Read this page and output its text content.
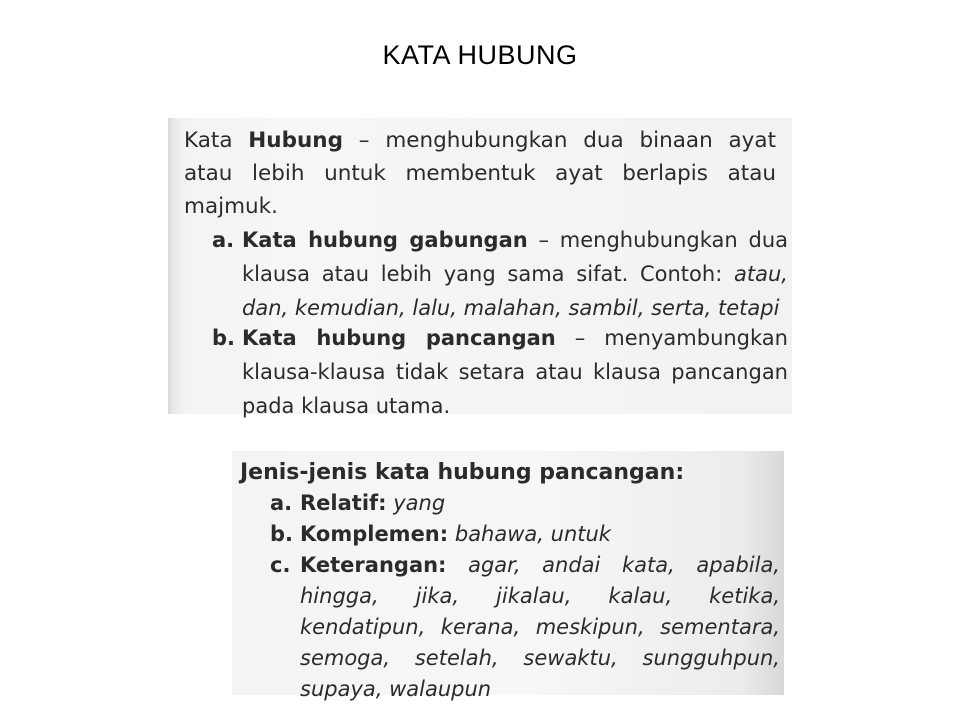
KATA HUBUNG
Kata Hubung – menghubungkan dua binaan ayat atau lebih untuk membentuk ayat berlapis atau majmuk.
a. Kata hubung gabungan – menghubungkan dua klausa atau lebih yang sama sifat. Contoh: atau, dan, kemudian, lalu, malahan, sambil, serta, tetapi
b. Kata hubung pancangan – menyambungkan klausa-klausa tidak setara atau klausa pancangan pada klausa utama.
Jenis-jenis kata hubung pancangan:
a. Relatif: yang
b. Komplemen: bahawa, untuk
c. Keterangan: agar, andai kata, apabila, hingga, jika, jikalau, kalau, ketika, kendatipun, kerana, meskipun, sementara, semoga, setelah, sewaktu, sungguhpun, supaya, walaupun
